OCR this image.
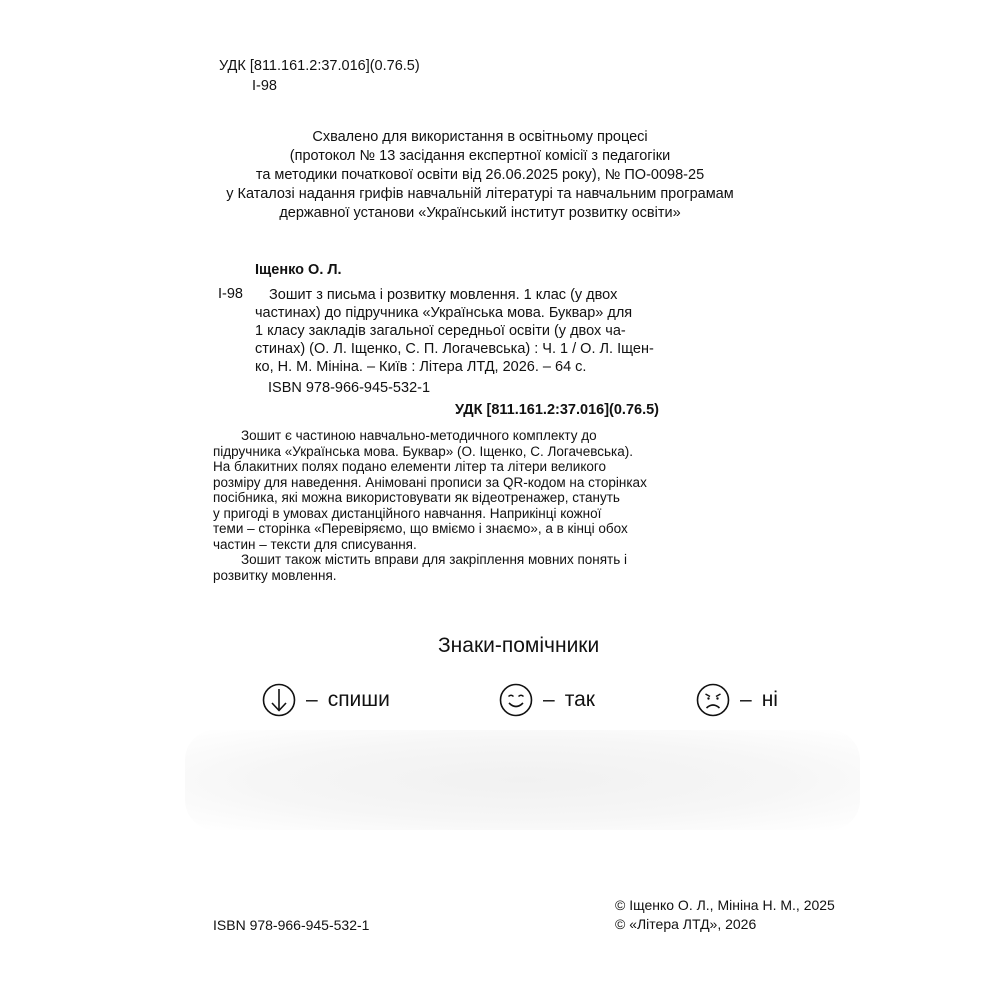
УДК [811.161.2:37.016](0.76.5)
І-98
Схвалено для використання в освітньому процесі
(протокол № 13 засідання експертної комісії з педагогіки
та методики початкової освіти від 26.06.2025 року), № ПО-0098-25
у Каталозі надання грифів навчальній літературі та навчальним програмам
державної установи «Український інститут розвитку освіти»
Іщенко О. Л.
І-98	Зошит з письма і розвитку мовлення. 1 клас (у двох
частинах) до підручника «Українська мова. Буквар» для
1 класу закладів загальної середньої освіти (у двох ча-
стинах) (О. Л. Іщенко, С. П. Логачевська) : Ч. 1 / О. Л. Іщен-
ко, Н. М. Мініна. – Київ : Літера ЛТД, 2026. – 64 с.
ISBN 978-966-945-532-1
УДК [811.161.2:37.016](0.76.5)
Зошит є частиною навчально-методичного комплекту до
підручника «Українська мова. Буквар» (О. Іщенко, С. Логачевська).
На блакитних полях подано елементи літер та літери великого
розміру для наведення. Анімовані прописи за QR-кодом на сторінках
посібника, які можна використовувати як відеотренажер, стануть
у пригоді в умовах дистанційного навчання. Наприкінці кожної
теми – сторінка «Перевіряємо, що вміємо і знаємо», а в кінці обох
частин – тексти для списування.
Зошит також містить вправи для закріплення мовних понять і
розвитку мовлення.
Знаки-помічники
– спиши	– так	– ні
ISBN 978-966-945-532-1
© Іщенко О. Л., Мініна Н. М., 2025
© «Літера ЛТД», 2026
